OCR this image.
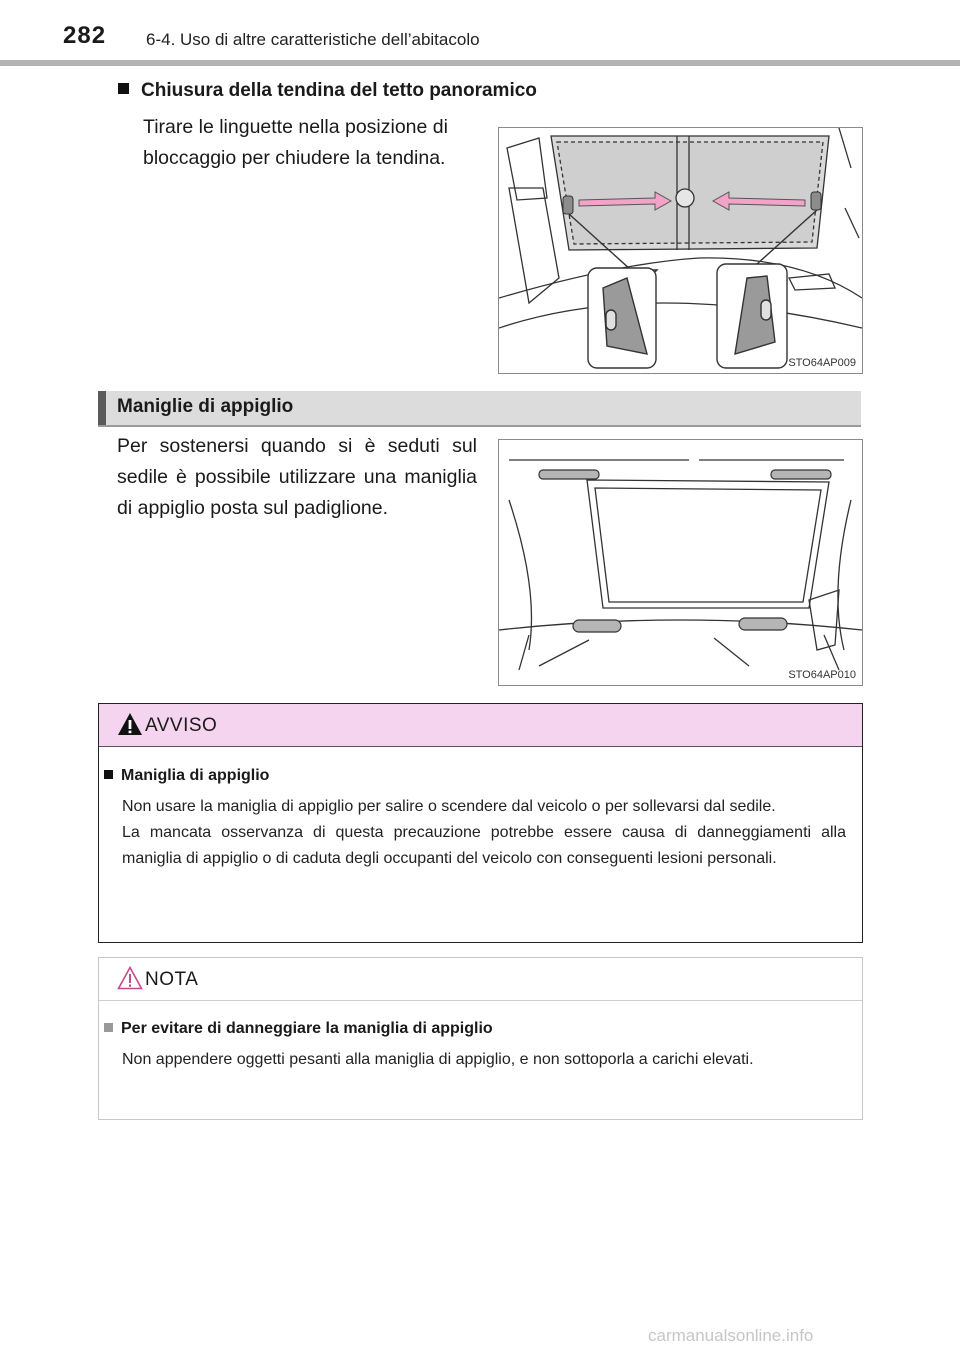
282 6-4. Uso di altre caratteristiche dell’abitacolo
Chiusura della tendina del tetto panoramico
Tirare le linguette nella posizione di bloccaggio per chiudere la tendina.
STO64AP009
Maniglie di appiglio
Per sostenersi quando si è seduti sul sedile è possibile utilizzare una maniglia di appiglio posta sul padiglione.
STO64AP010
AVVISO
Maniglia di appiglio
Non usare la maniglia di appiglio per salire o scendere dal veicolo o per sollevarsi dal sedile.
La mancata osservanza di questa precauzione potrebbe essere causa di danneggiamenti alla maniglia di appiglio o di caduta degli occupanti del veicolo con conseguenti lesioni personali.
NOTA
Per evitare di danneggiare la maniglia di appiglio
Non appendere oggetti pesanti alla maniglia di appiglio, e non sottoporla a carichi elevati.
carmanualsonline.info
